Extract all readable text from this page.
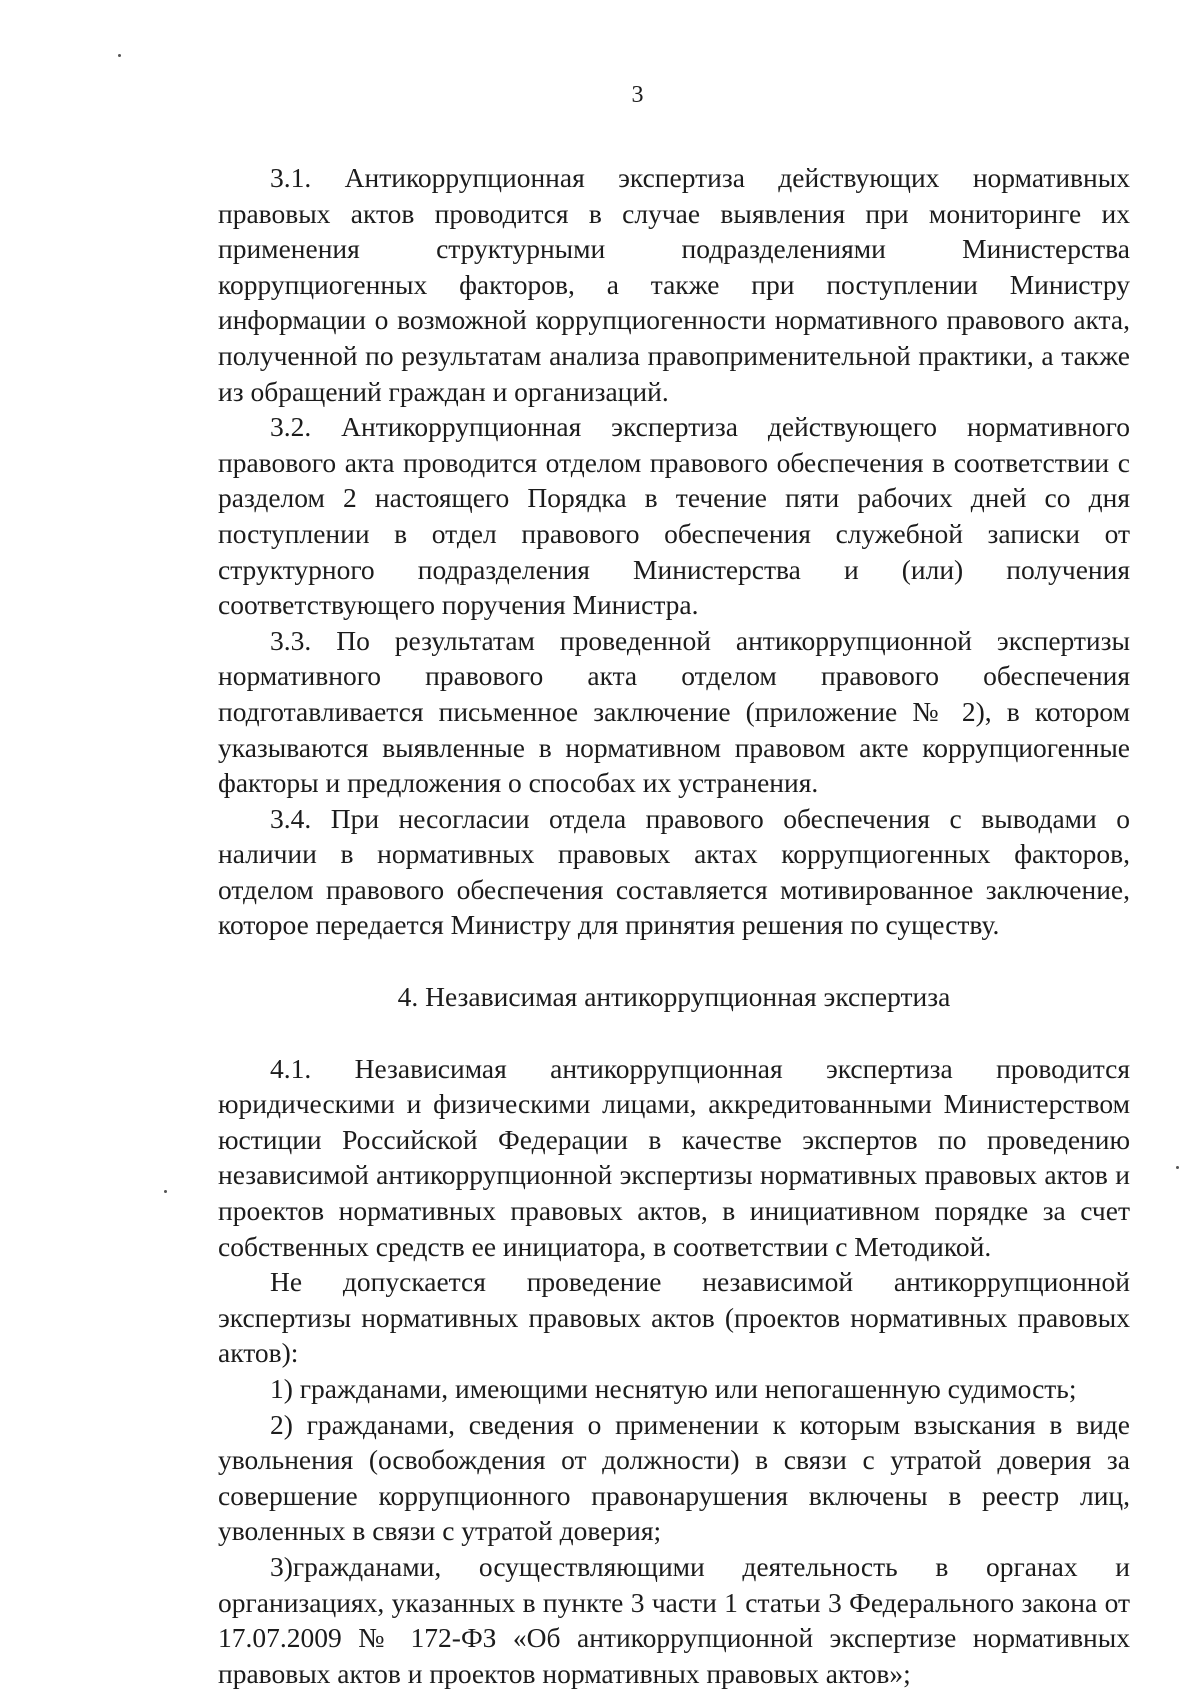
3

3.1. Антикоррупционная экспертиза действующих нормативных правовых актов проводится в случае выявления при мониторинге их применения структурными подразделениями Министерства коррупциогенных факторов, а также при поступлении Министру информации о возможной коррупциогенности нормативного правового акта, полученной по результатам анализа правоприменительной практики, а также из обращений граждан и организаций.

3.2. Антикоррупционная экспертиза действующего нормативного правового акта проводится отделом правового обеспечения в соответствии с разделом 2 настоящего Порядка в течение пяти рабочих дней со дня поступлении в отдел правового обеспечения служебной записки от структурного подразделения Министерства и (или) получения соответствующего поручения Министра.

3.3. По результатам проведенной антикоррупционной экспертизы нормативного правового акта отделом правового обеспечения подготавливается письменное заключение (приложение № 2), в котором указываются выявленные в нормативном правовом акте коррупциогенные факторы и предложения о способах их устранения.

3.4. При несогласии отдела правового обеспечения с выводами о наличии в нормативных правовых актах коррупциогенных факторов, отделом правового обеспечения составляется мотивированное заключение, которое передается Министру для принятия решения по существу.

4. Независимая антикоррупционная экспертиза

4.1. Независимая антикоррупционная экспертиза проводится юридическими и физическими лицами, аккредитованными Министерством юстиции Российской Федерации в качестве экспертов по проведению независимой антикоррупционной экспертизы нормативных правовых актов и проектов нормативных правовых актов, в инициативном порядке за счет собственных средств ее инициатора, в соответствии с Методикой.

Не допускается проведение независимой антикоррупционной экспертизы нормативных правовых актов (проектов нормативных правовых актов):

1) гражданами, имеющими неснятую или непогашенную судимость;

2) гражданами, сведения о применении к которым взыскания в виде увольнения (освобождения от должности) в связи с утратой доверия за совершение коррупционного правонарушения включены в реестр лиц, уволенных в связи с утратой доверия;

3)гражданами, осуществляющими деятельность в органах и организациях, указанных в пункте 3 части 1 статьи 3 Федерального закона от 17.07.2009 № 172-ФЗ «Об антикоррупционной экспертизе нормативных правовых актов и проектов нормативных правовых актов»;
